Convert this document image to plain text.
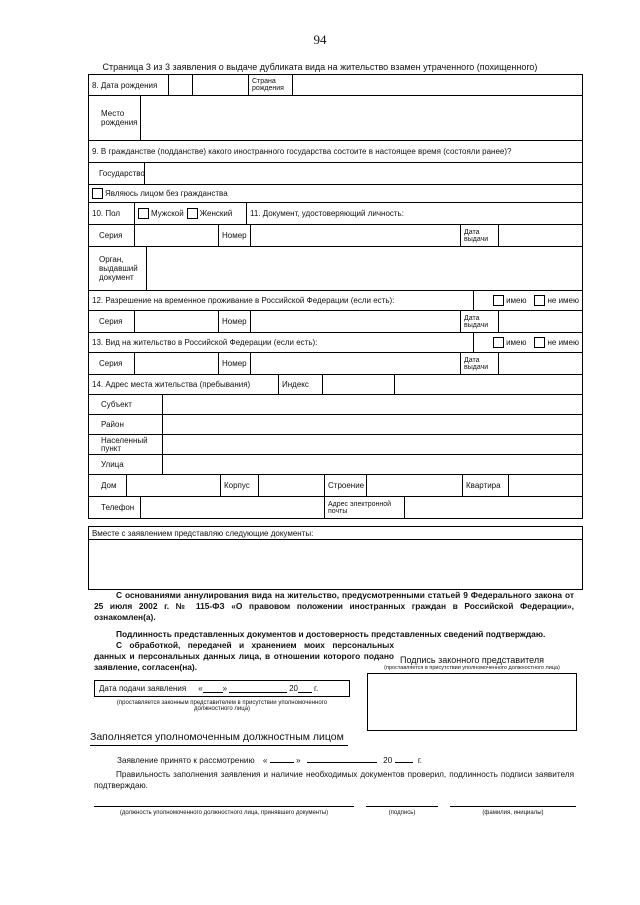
94
Страница 3 из 3 заявления о выдаче дубликата вида на жительство взамен утраченного (похищенного)
8. Дата рождения	Страна рождения
Место рождения
9. В гражданстве (подданстве) какого иностранного государства состоите в настоящее время (состояли ранее)?
Государство
Являюсь лицом без гражданства
10. Пол	Мужской Женский	11. Документ, удостоверяющий личность:
Серия	Номер	Дата выдачи
Орган, выдавший документ
12. Разрешение на временное проживание в Российской Федерации (если есть):	имею	не имею
Серия	Номер	Дата выдачи
13. Вид на жительство в Российской Федерации (если есть):	имею	не имею
Серия	Номер	Дата выдачи
14. Адрес места жительства (пребывания)	Индекс
Субъект
Район
Населенный пункт
Улица
Дом	Корпус	Строение	Квартира
Телефон	Адрес электронной почты
Вместе с заявлением представляю следующие документы:
С основаниями аннулирования вида на жительство, предусмотренными статьей 9 Федерального закона от 25 июля 2002 г. № 115-ФЗ «О правовом положении иностранных граждан в Российской Федерации», ознакомлен(а).
Подлинность представленных документов и достоверность представленных сведений подтверждаю.
С обработкой, передачей и хранением моих персональных данных и персональных данных лица, в отношении которого подано заявление, согласен(на).
Подпись законного представителя
(проставляется в присутствии уполномоченного должностного лица)
Дата подачи заявления «	»	20 г.
(проставляется законным представителем в присутствии уполномоченного должностного лица)
Заполняется уполномоченным должностным лицом
Заявление принято к рассмотрению «	»	20	г.
Правильность заполнения заявления и наличие необходимых документов проверил, подлинность подписи заявителя подтверждаю.
(должность уполномоченного должностного лица, принявшего документы)	(подпись)	(фамилия, инициалы)
